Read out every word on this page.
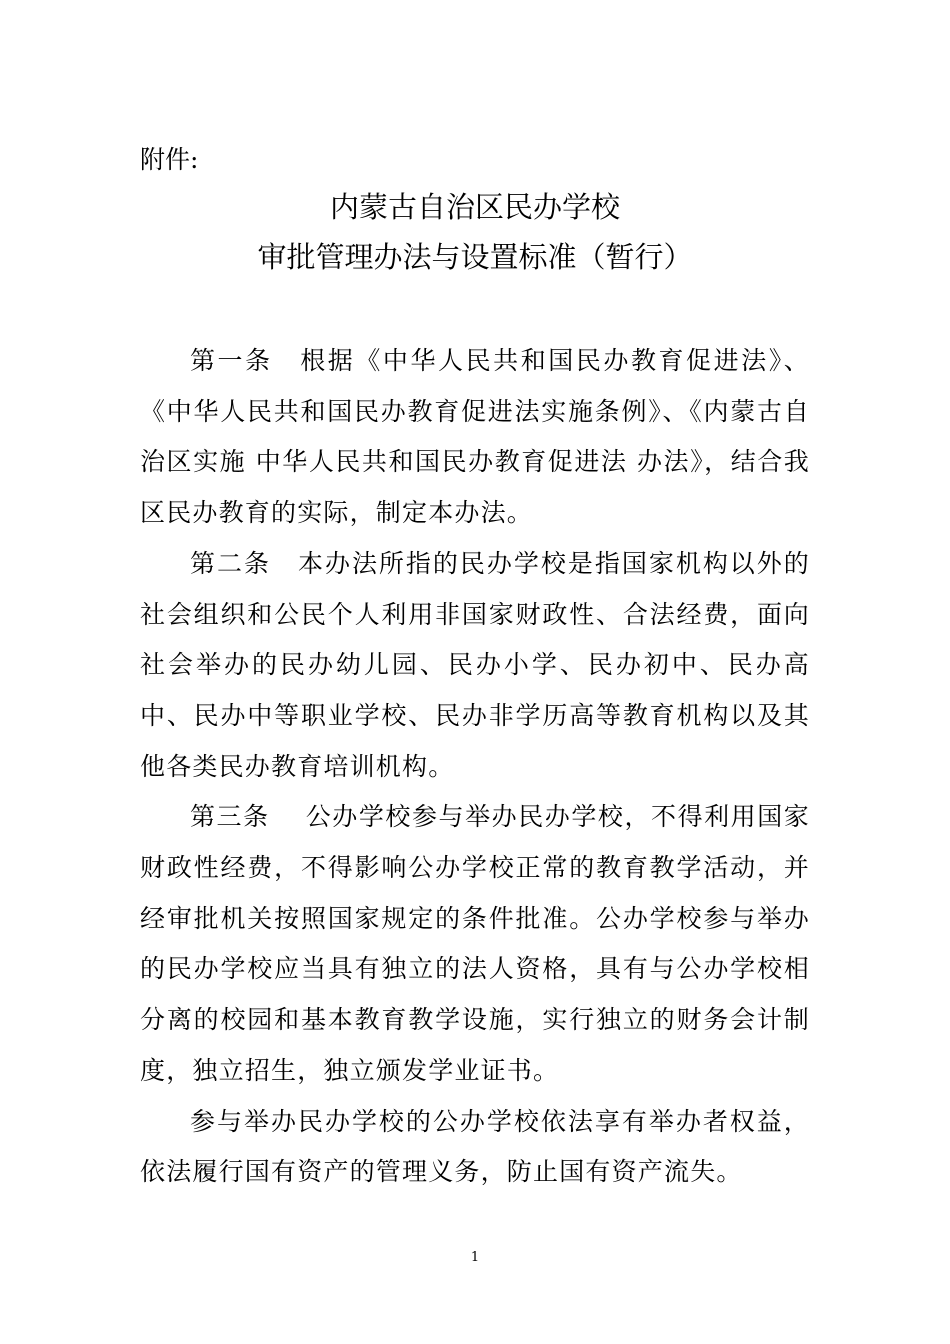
附件:
内蒙古自治区民办学校
审批管理办法与设置标准（暂行）

第一条　根据《中华人民共和国民办教育促进法》、《中华人民共和国民办教育促进法实施条例》、《内蒙古自治区实施 中华人民共和国民办教育促进法 办法》，结合我区民办教育的实际，制定本办法。

第二条　本办法所指的民办学校是指国家机构以外的社会组织和公民个人利用非国家财政性、合法经费，面向社会举办的民办幼儿园、民办小学、民办初中、民办高中、民办中等职业学校、民办非学历高等教育机构以及其他各类民办教育培训机构。

第三条　 公办学校参与举办民办学校，不得利用国家财政性经费，不得影响公办学校正常的教育教学活动，并经审批机关按照国家规定的条件批准。公办学校参与举办的民办学校应当具有独立的法人资格，具有与公办学校相分离的校园和基本教育教学设施，实行独立的财务会计制度，独立招生，独立颁发学业证书。

参与举办民办学校的公办学校依法享有举办者权益，依法履行国有资产的管理义务，防止国有资产流失。

1
